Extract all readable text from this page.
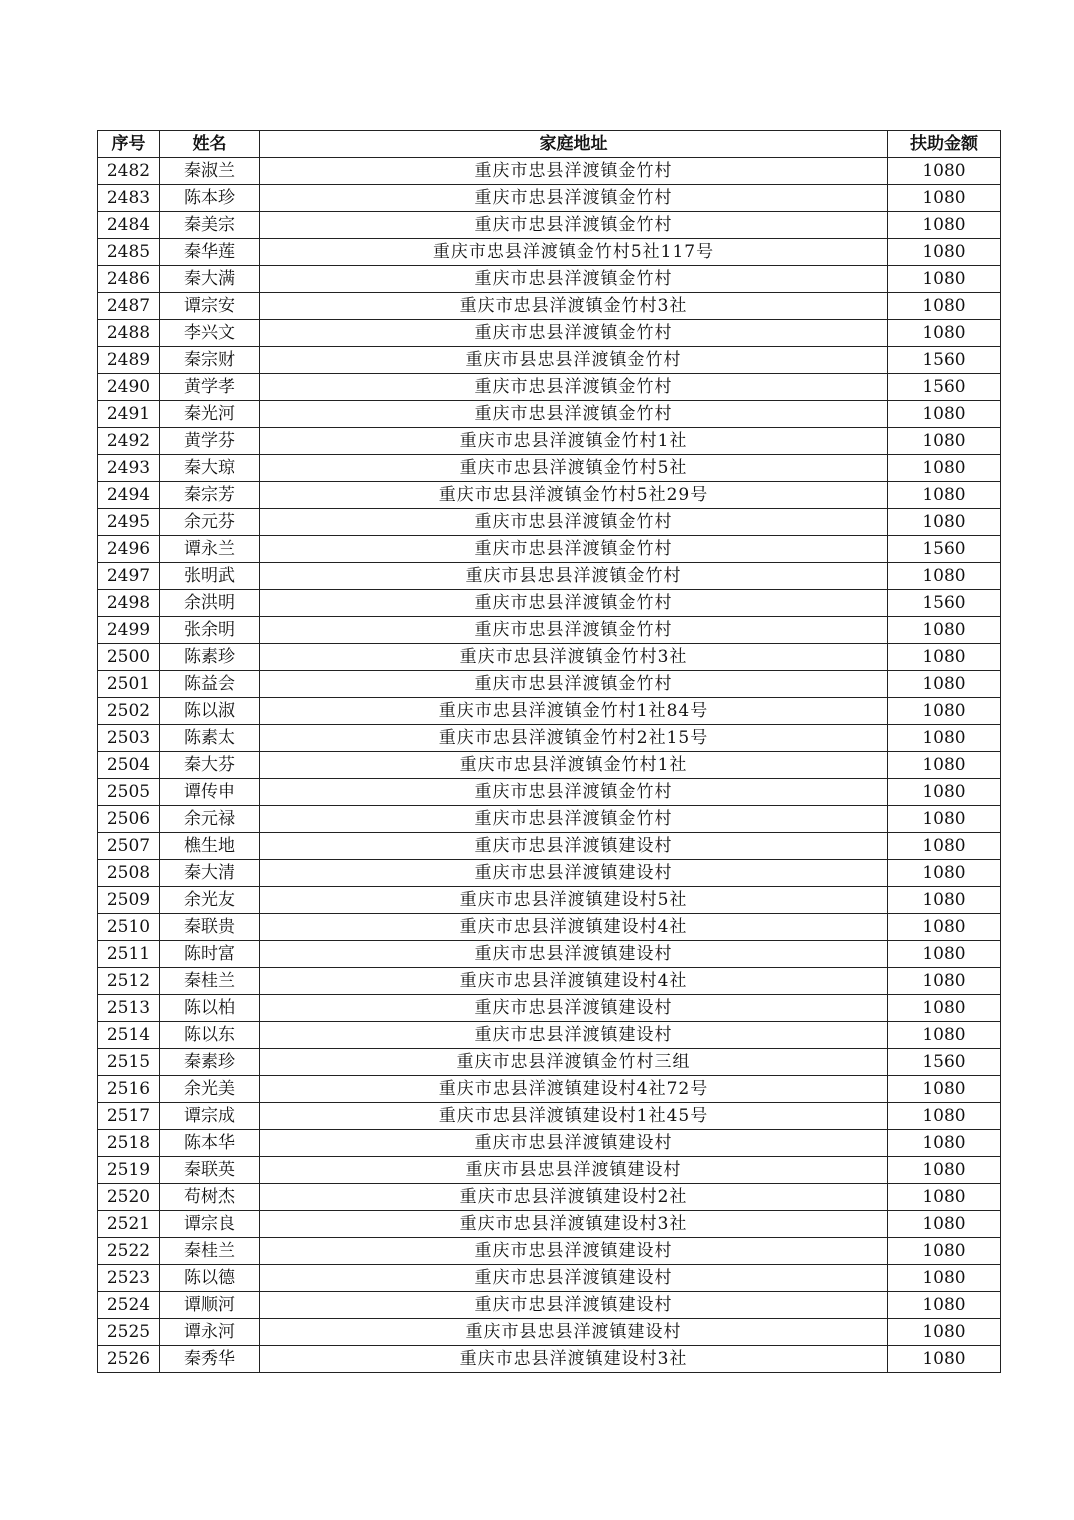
序号	姓名	家庭地址	扶助金额
2482	秦淑兰	重庆市忠县洋渡镇金竹村	1080
2483	陈本珍	重庆市忠县洋渡镇金竹村	1080
2484	秦美宗	重庆市忠县洋渡镇金竹村	1080
2485	秦华莲	重庆市忠县洋渡镇金竹村5社117号	1080
2486	秦大满	重庆市忠县洋渡镇金竹村	1080
2487	谭宗安	重庆市忠县洋渡镇金竹村3社	1080
2488	李兴文	重庆市忠县洋渡镇金竹村	1080
2489	秦宗财	重庆市县忠县洋渡镇金竹村	1560
2490	黄学孝	重庆市忠县洋渡镇金竹村	1560
2491	秦光河	重庆市忠县洋渡镇金竹村	1080
2492	黄学芬	重庆市忠县洋渡镇金竹村1社	1080
2493	秦大琼	重庆市忠县洋渡镇金竹村5社	1080
2494	秦宗芳	重庆市忠县洋渡镇金竹村5社29号	1080
2495	余元芬	重庆市忠县洋渡镇金竹村	1080
2496	谭永兰	重庆市忠县洋渡镇金竹村	1560
2497	张明武	重庆市县忠县洋渡镇金竹村	1080
2498	余洪明	重庆市忠县洋渡镇金竹村	1560
2499	张余明	重庆市忠县洋渡镇金竹村	1080
2500	陈素珍	重庆市忠县洋渡镇金竹村3社	1080
2501	陈益会	重庆市忠县洋渡镇金竹村	1080
2502	陈以淑	重庆市忠县洋渡镇金竹村1社84号	1080
2503	陈素太	重庆市忠县洋渡镇金竹村2社15号	1080
2504	秦大芬	重庆市忠县洋渡镇金竹村1社	1080
2505	谭传申	重庆市忠县洋渡镇金竹村	1080
2506	余元禄	重庆市忠县洋渡镇金竹村	1080
2507	樵生地	重庆市忠县洋渡镇建设村	1080
2508	秦大清	重庆市忠县洋渡镇建设村	1080
2509	余光友	重庆市忠县洋渡镇建设村5社	1080
2510	秦联贵	重庆市忠县洋渡镇建设村4社	1080
2511	陈时富	重庆市忠县洋渡镇建设村	1080
2512	秦桂兰	重庆市忠县洋渡镇建设村4社	1080
2513	陈以柏	重庆市忠县洋渡镇建设村	1080
2514	陈以东	重庆市忠县洋渡镇建设村	1080
2515	秦素珍	重庆市忠县洋渡镇金竹村三组	1560
2516	余光美	重庆市忠县洋渡镇建设村4社72号	1080
2517	谭宗成	重庆市忠县洋渡镇建设村1社45号	1080
2518	陈本华	重庆市忠县洋渡镇建设村	1080
2519	秦联英	重庆市县忠县洋渡镇建设村	1080
2520	苟树杰	重庆市忠县洋渡镇建设村2社	1080
2521	谭宗良	重庆市忠县洋渡镇建设村3社	1080
2522	秦桂兰	重庆市忠县洋渡镇建设村	1080
2523	陈以德	重庆市忠县洋渡镇建设村	1080
2524	谭顺河	重庆市忠县洋渡镇建设村	1080
2525	谭永河	重庆市县忠县洋渡镇建设村	1080
2526	秦秀华	重庆市忠县洋渡镇建设村3社	1080
